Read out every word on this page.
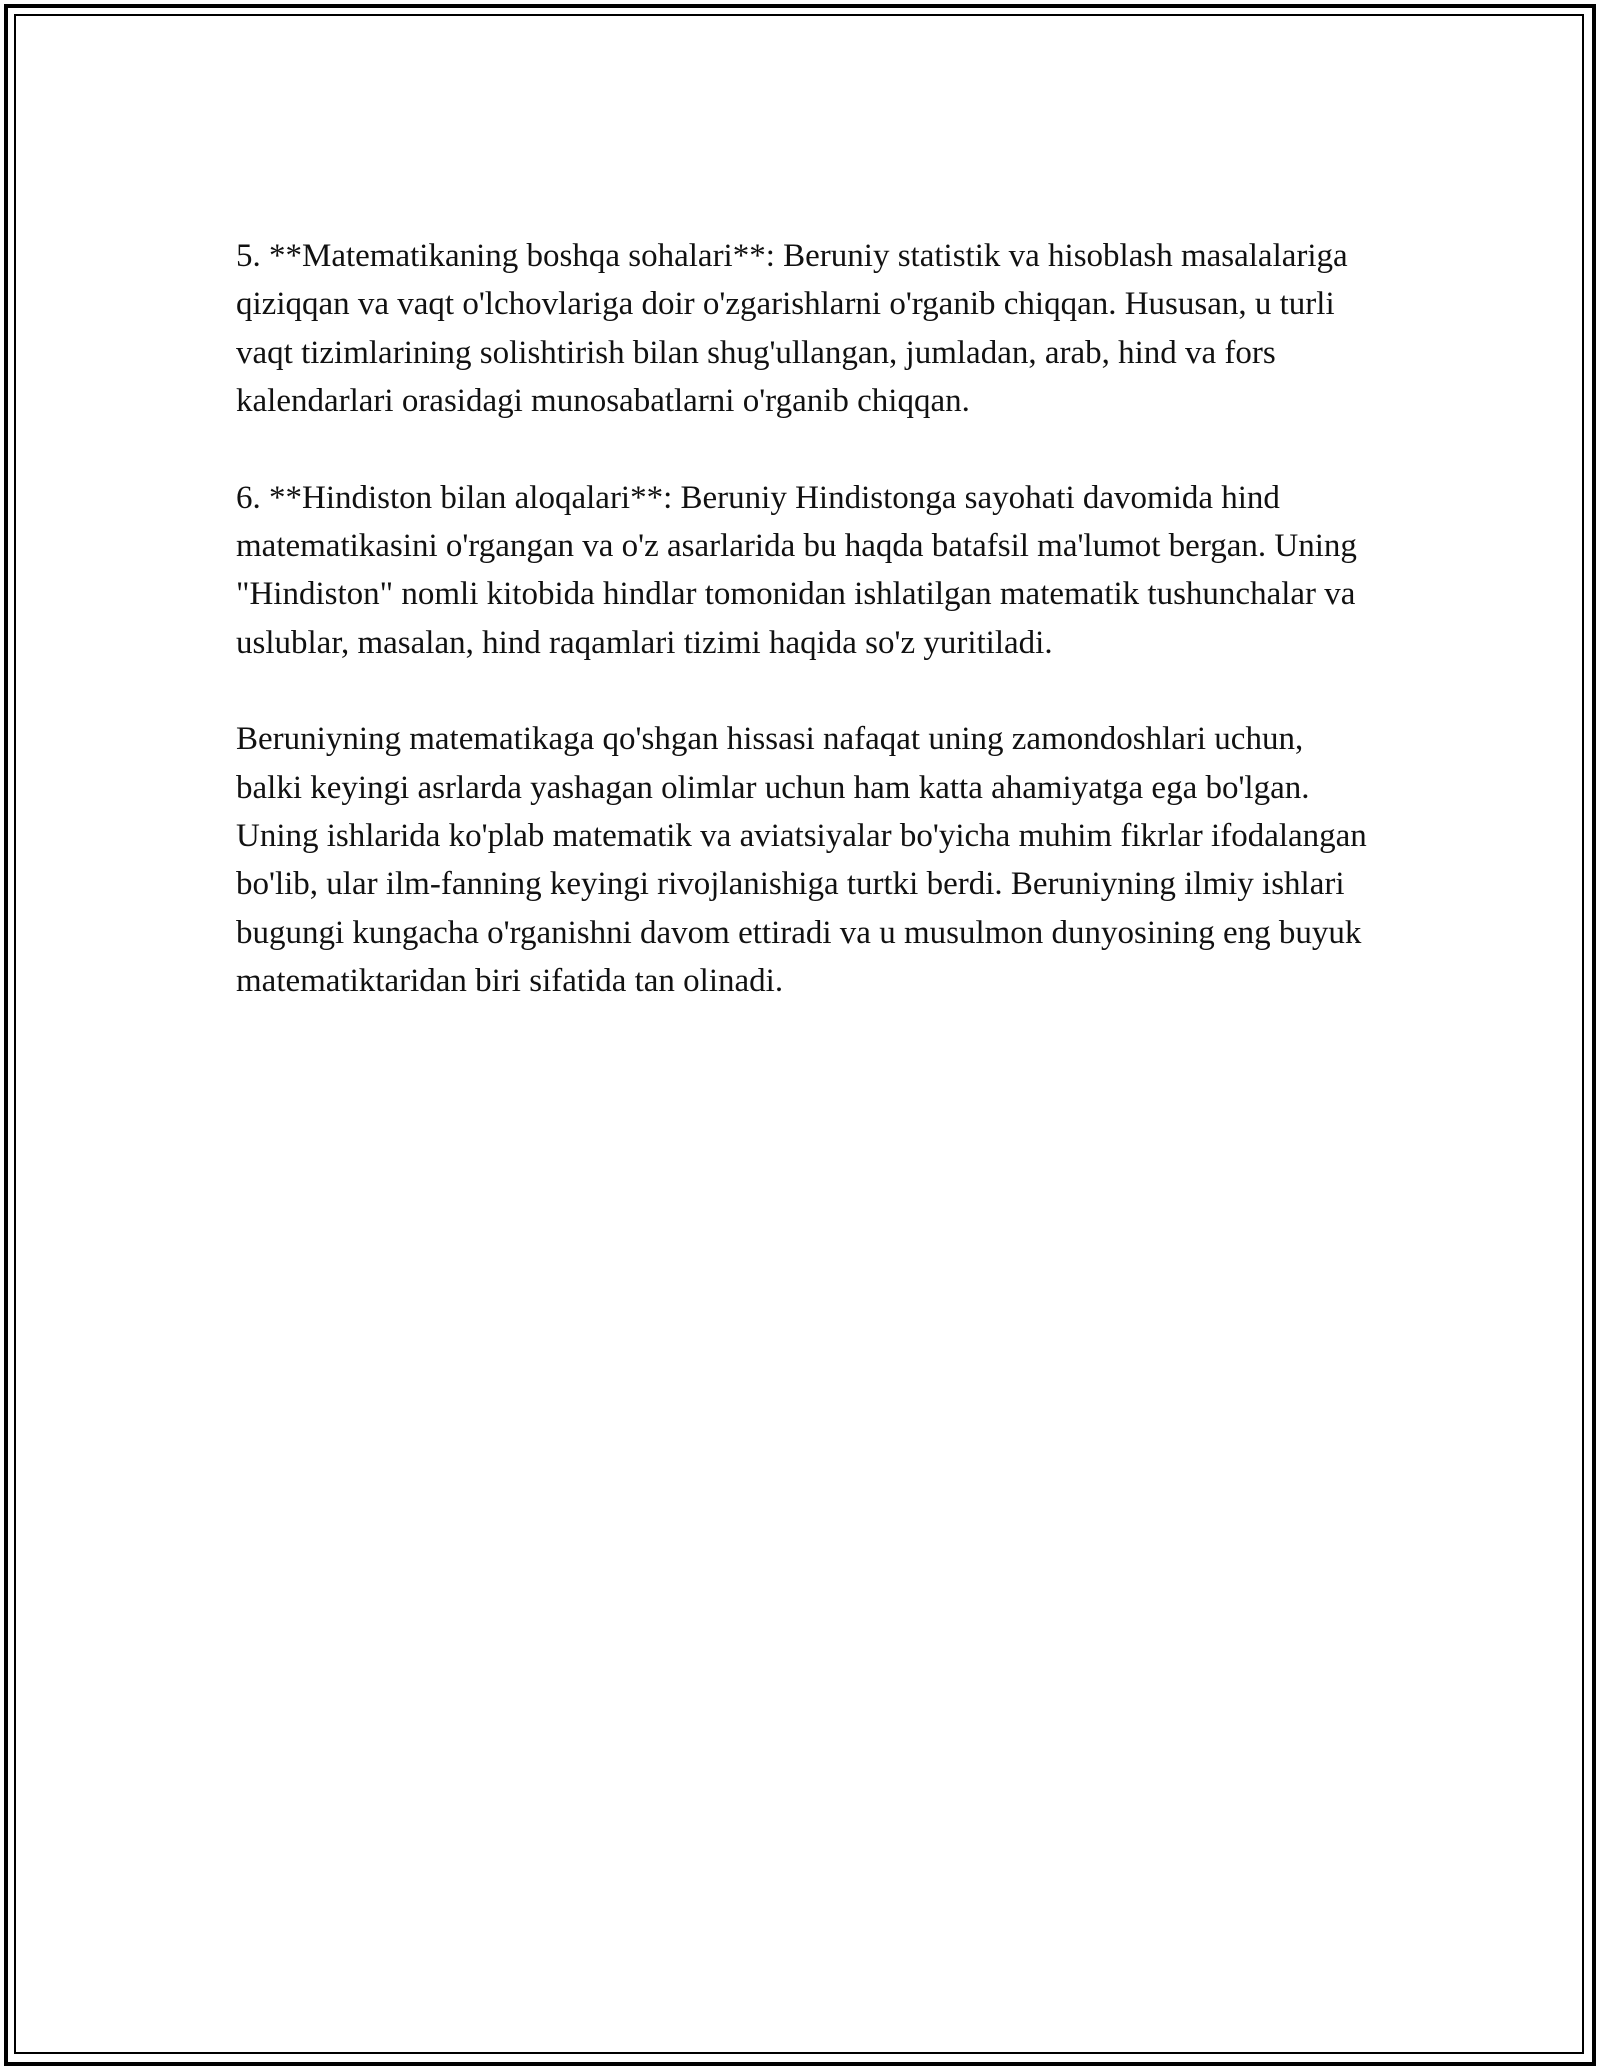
5. **Matematikaning boshqa sohalari**: Beruniy statistik va hisoblash masalalariga qiziqqan va vaqt o'lchovlariga doir o'zgarishlarni o'rganib chiqqan. Hususan, u turli vaqt tizimlarining solishtirish bilan shug'ullangan, jumladan, arab, hind va fors kalendarlari orasidagi munosabatlarni o'rganib chiqqan.

6. **Hindiston bilan aloqalari**: Beruniy Hindistonga sayohati davomida hind matematikasini o'rgangan va o'z asarlarida bu haqda batafsil ma'lumot bergan. Uning "Hindiston" nomli kitobida hindlar tomonidan ishlatilgan matematik tushunchalar va uslublar, masalan, hind raqamlari tizimi haqida so'z yuritiladi.

Beruniyning matematikaga qo'shgan hissasi nafaqat uning zamondoshlari uchun, balki keyingi asrlarda yashagan olimlar uchun ham katta ahamiyatga ega bo'lgan. Uning ishlarida ko'plab matematik va aviatsiyalar bo'yicha muhim fikrlar ifodalangan bo'lib, ular ilm-fanning keyingi rivojlanishiga turtki berdi. Beruniyning ilmiy ishlari bugungi kungacha o'rganishni davom ettiradi va u musulmon dunyosining eng buyuk matematiktaridan biri sifatida tan olinadi.
